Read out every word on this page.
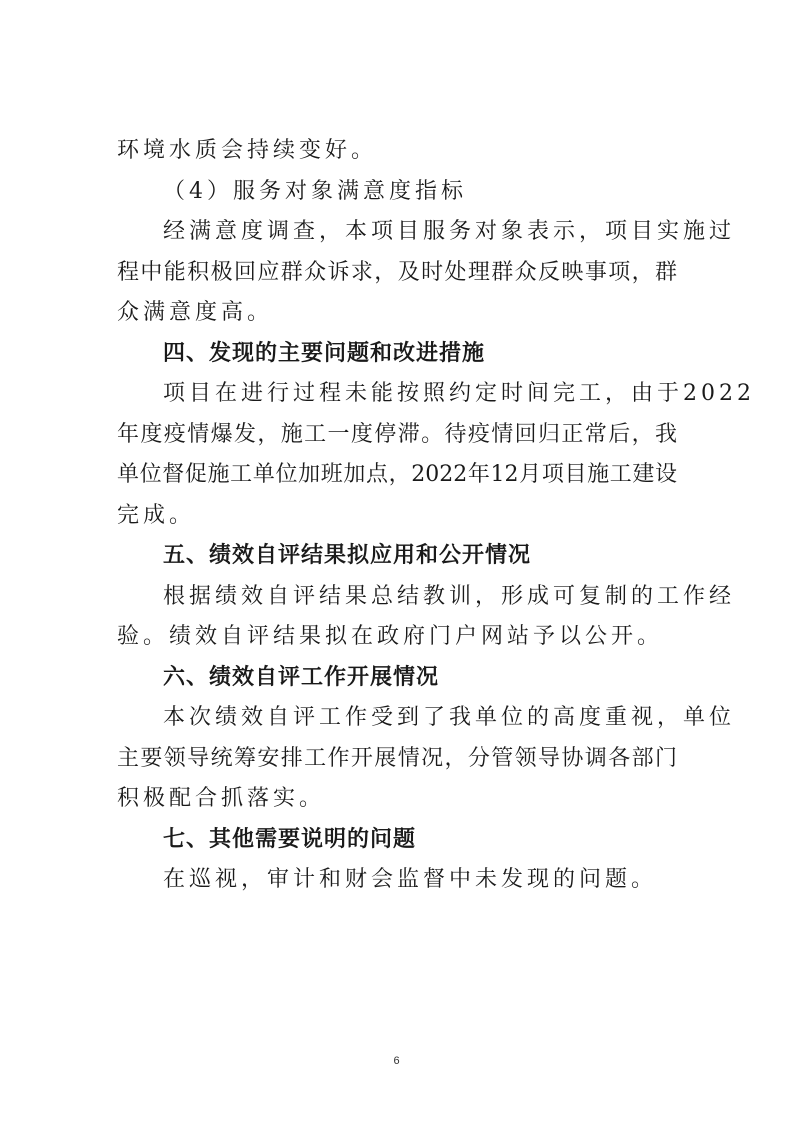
环境水质会持续变好。
（4）服务对象满意度指标
经满意度调查，本项目服务对象表示，项目实施过
程中能积极回应群众诉求，及时处理群众反映事项，群
众满意度高。
四、发现的主要问题和改进措施
项目在进行过程未能按照约定时间完工，由于2022
年度疫情爆发，施工一度停滞。待疫情回归正常后，我
单位督促施工单位加班加点，2022年12月项目施工建设
完成。
五、绩效自评结果拟应用和公开情况
根据绩效自评结果总结教训，形成可复制的工作经
验。绩效自评结果拟在政府门户网站予以公开。
六、绩效自评工作开展情况
本次绩效自评工作受到了我单位的高度重视，单位
主要领导统筹安排工作开展情况，分管领导协调各部门
积极配合抓落实。
七、其他需要说明的问题
在巡视，审计和财会监督中未发现的问题。
6
